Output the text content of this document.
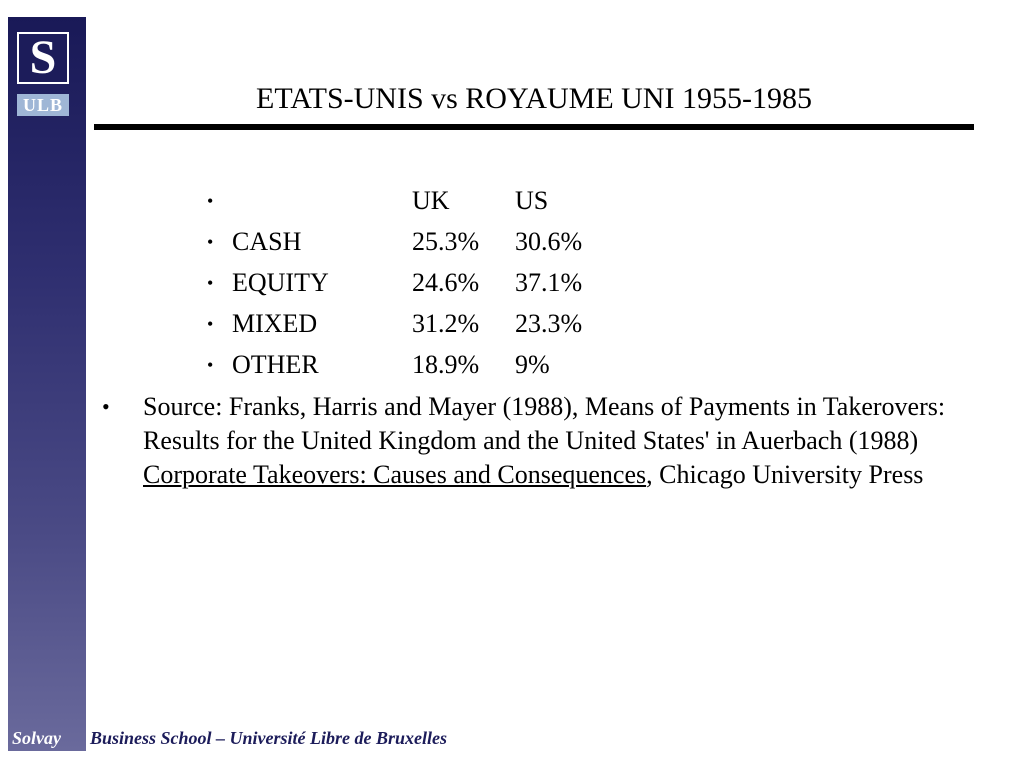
S
ULB	ETATS-UNIS vs ROYAUME UNI 1955-1985
•	UK	US
• CASH	25.3% 30.6%
• EQUITY	24.6% 37.1%
• MIXED	31.2% 23.3%
• OTHER	18.9% 9%
• Source: Franks, Harris and Mayer (1988), Means of Payments in Takerovers: Results for the United Kingdom and the United States' in Auerbach (1988) Corporate Takeovers: Causes and Consequences, Chicago University Press
Solvay Business School – Université Libre de Bruxelles
